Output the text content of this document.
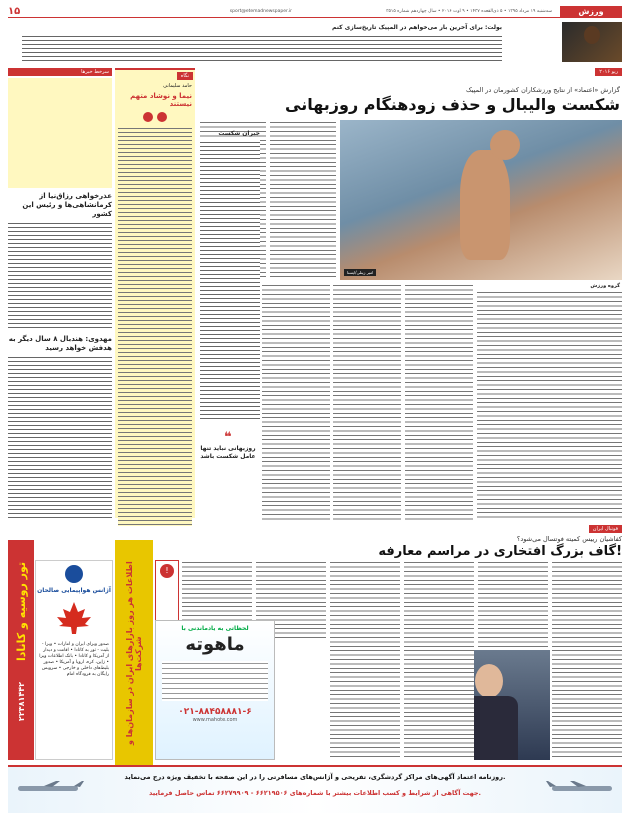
۱۵	sport@etemadnewspaper.ir	سه‌شنبه ۱۹ مرداد ۱۳۹۵ • ۵ ذی‌القعده ۱۴۳۷ • ۹ اوت ۲۰۱۶ • سال چهاردهم شماره ۳۵۱۵	ورزش
بولت: برای آخرین بار می‌خواهم در المپیک تاریخ‌سازی کنم
ریو ۲۰۱۶
گزارش «اعتماد» از نتایج ورزشکاران کشورمان در المپیک
شکست والیبال و حذف زودهنگام روزبهانی
امیر زینلی/ایسنا
گروه ورزش
❝
روزبهانی نباید تنها عامل شکست باشد
جبران شکست
نگاه
حامد سلیمانی
نیما و نوشاد متهم نیستند
سرخط خبرها
عذرخواهی رزاق‌نیا از کرمانشاهی‌ها و رئیس این کشور
مهدوی: هندبال ۸ سال دیگر به هدفش خواهد رسید
فوتبال ایران
کفاشیان رییس کمیته فوتسال می‌شود؟
گاف بزرگ افتخاری در مراسم معارفه!
!
اطلاعات هر روز بازارهای ایران در سازمان‌ها و شرکت‌ها
لحظاتی به یادماندنی با
ماهوته
۰۲۱-۸۸۴۵۸۸۸۱-۶
www.mahote.com
آژانس هواپیمایی صالحان
صدور ویزای ایران و امارات • ویزا - بلیت - تور به کانادا • اقامت و دیدار از آمریکا و کانادا • بانک اطلاعات ویزا • زاپن، کره، اروپا و آمریکا • صدور بلیط‌های داخلی و خارجی • سرویس رایگان به فرودگاه امام
تور روسیه و کانادا
۲۲۳۸۱۴۴۲
روزنامه اعتماد آگهی‌های مراکز گردشگری، تفریحی و آژانس‌های مسافرتی را در این صفحه با تخفیف ویژه درج می‌نماید.
جهت آگاهی از شرایط و کسب اطلاعات بیشتر با شماره‌های ۶۶۲۱۹۵۰۶ - ۶۶۲۷۹۹۰۹ تماس حاصل فرمایید.
